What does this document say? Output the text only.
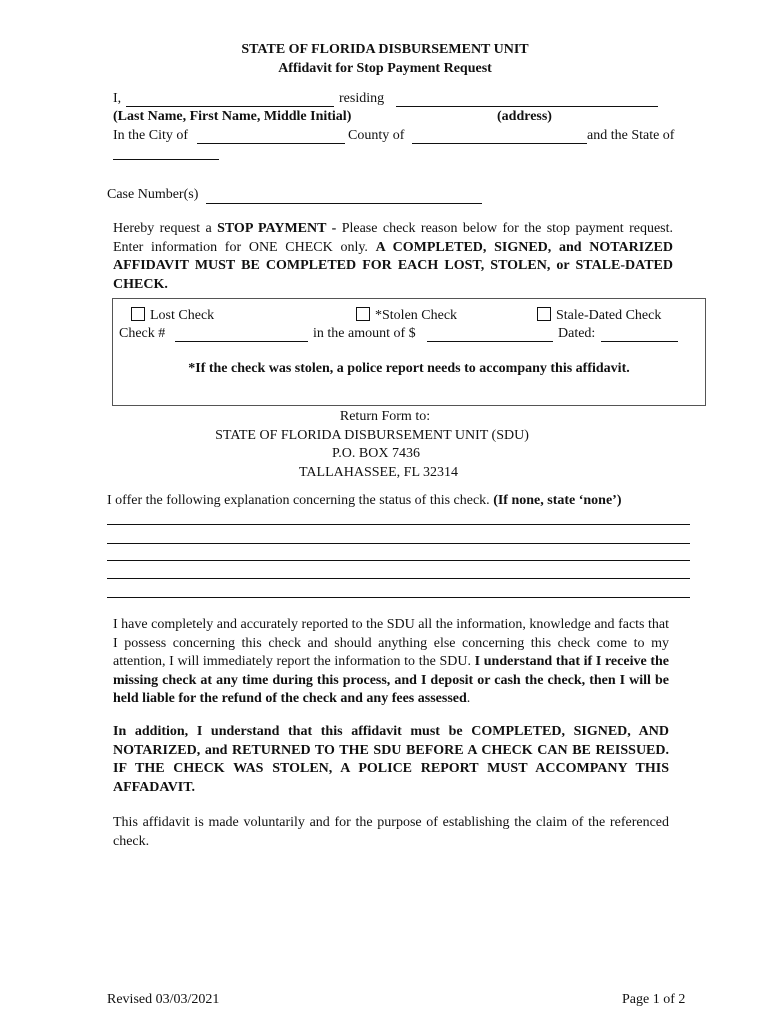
STATE OF FLORIDA DISBURSEMENT UNIT
Affidavit for Stop Payment Request
I,	residing
(Last Name, First Name, Middle Initial)	(address)
In the City of	County of	and the State of
Case Number(s)
Hereby request a STOP PAYMENT - Please check reason below for the stop payment request. Enter information for ONE CHECK only. A COMPLETED, SIGNED, and NOTARIZED AFFIDAVIT MUST BE COMPLETED FOR EACH LOST, STOLEN, or STALE-DATED CHECK.
Lost Check	*Stolen Check	Stale-Dated Check
Check #	in the amount of $	Dated:
*If the check was stolen, a police report needs to accompany this affidavit.
Return Form to:
STATE OF FLORIDA DISBURSEMENT UNIT (SDU)
P.O. BOX 7436
TALLAHASSEE, FL 32314
I offer the following explanation concerning the status of this check. (If none, state ‘none’)
I have completely and accurately reported to the SDU all the information, knowledge and facts that I possess concerning this check and should anything else concerning this check come to my attention, I will immediately report the information to the SDU. I understand that if I receive the missing check at any time during this process, and I deposit or cash the check, then I will be held liable for the refund of the check and any fees assessed.
In addition, I understand that this affidavit must be COMPLETED, SIGNED, AND NOTARIZED, and RETURNED TO THE SDU BEFORE A CHECK CAN BE REISSUED. IF THE CHECK WAS STOLEN, A POLICE REPORT MUST ACCOMPANY THIS AFFADAVIT.
This affidavit is made voluntarily and for the purpose of establishing the claim of the referenced check.
Revised 03/03/2021	Page 1 of 2
